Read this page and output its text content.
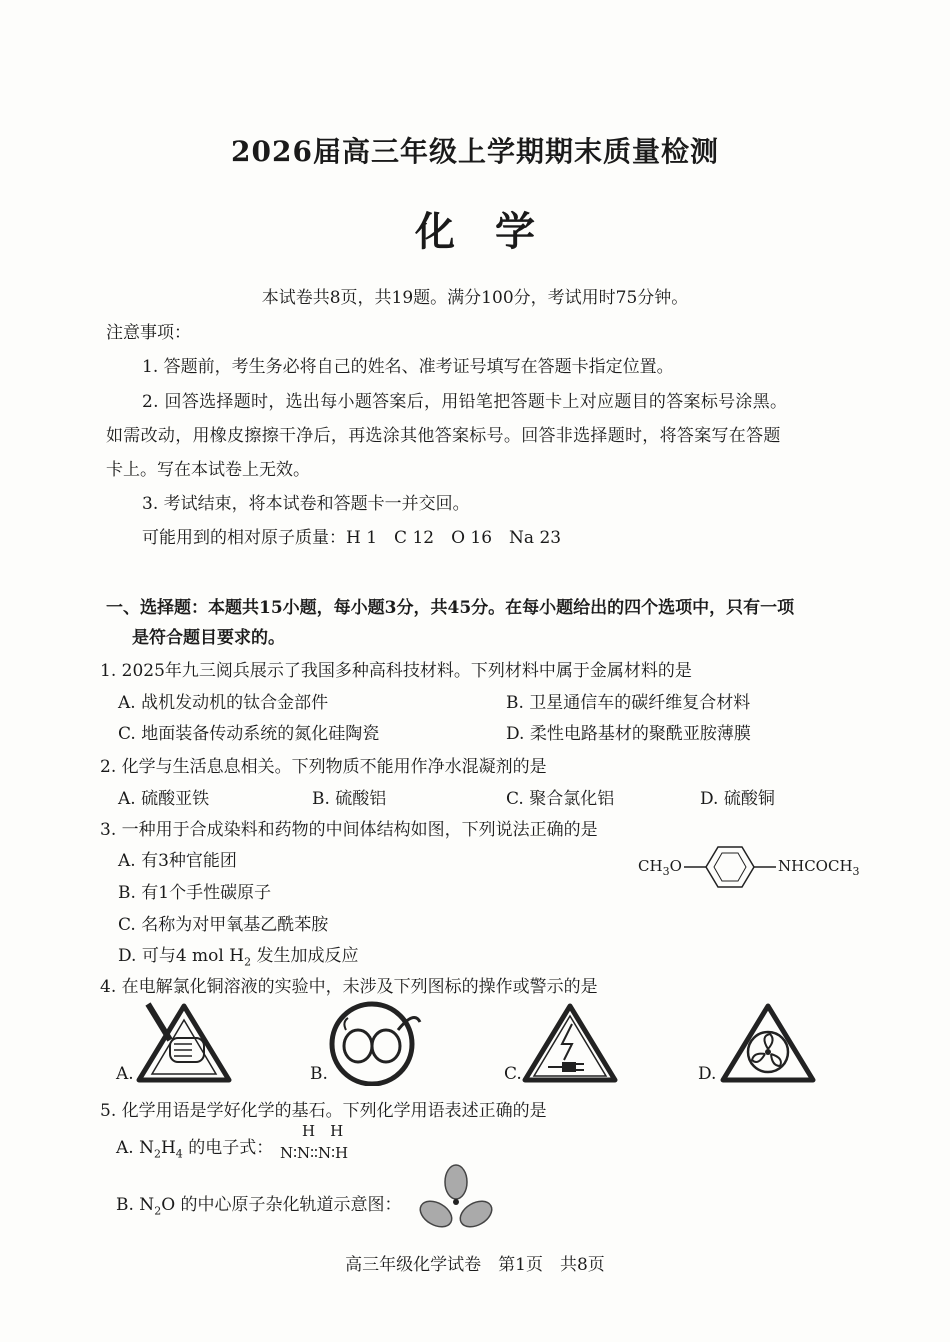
2026届高三年级上学期期末质量检测
化学
本试卷共8页，共19题。满分100分，考试用时75分钟。
注意事项：
1. 答题前，考生务必将自己的姓名、准考证号填写在答题卡指定位置。
2. 回答选择题时，选出每小题答案后，用铅笔把答题卡上对应题目的答案标号涂黑。
如需改动，用橡皮擦擦干净后，再选涂其他答案标号。回答非选择题时，将答案写在答题
卡上。写在本试卷上无效。
3. 考试结束，将本试卷和答题卡一并交回。
可能用到的相对原子质量：H 1　C 12　O 16　Na 23
一、选择题：本题共15小题，每小题3分，共45分。在每小题给出的四个选项中，只有一项
是符合题目要求的。
1. 2025年九三阅兵展示了我国多种高科技材料。下列材料中属于金属材料的是
A. 战机发动机的钛合金部件	B. 卫星通信车的碳纤维复合材料
C. 地面装备传动系统的氮化硅陶瓷	D. 柔性电路基材的聚酰亚胺薄膜
2. 化学与生活息息相关。下列物质不能用作净水混凝剂的是
A. 硫酸亚铁	B. 硫酸铝	C. 聚合氯化铝	D. 硫酸铜
3. 一种用于合成染料和药物的中间体结构如图，下列说法正确的是
A. 有3种官能团
B. 有1个手性碳原子
C. 名称为对甲氧基乙酰苯胺
D. 可与4 mol $H_2$ 发生加成反应
$CH_3O$	$NHCOCH_3$
4. 在电解氯化铜溶液的实验中，未涉及下列图标的操作或警示的是
A.	B.	C.	D.
5. 化学用语是学好化学的基石。下列化学用语表述正确的是
A. $N_2H_4$ 的电子式：
H　H
N∶N∶∶N∶H
B. $N_2O$ 的中心原子杂化轨道示意图：
高三年级化学试卷　第1页　共8页
